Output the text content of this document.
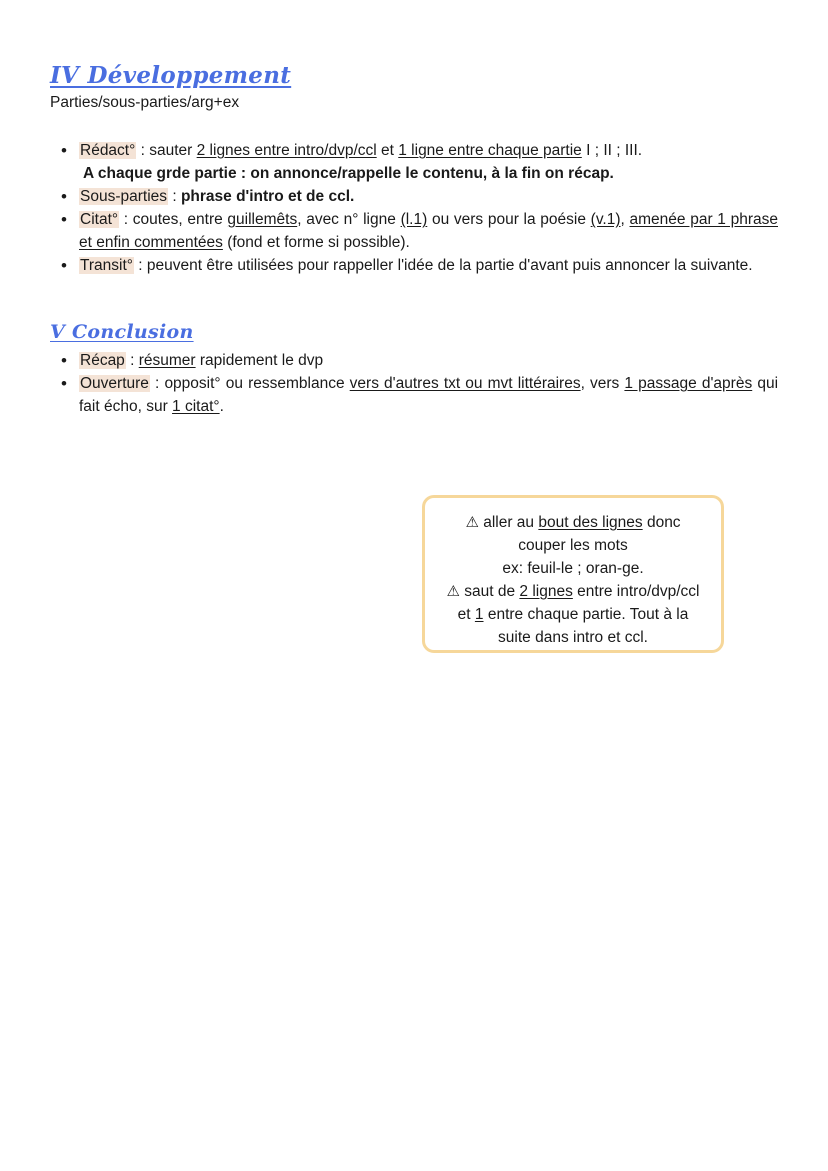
IV Développement
Parties/sous-parties/arg+ex
• Rédact° : sauter 2 lignes entre intro/dvp/ccl et 1 ligne entre chaque partie I ; II ; III.
A chaque grde partie : on annonce/rappelle le contenu, à la fin on récap.
• Sous-parties : phrase d'intro et de ccl.
• Citat° : coutes, entre guillemêts, avec n° ligne (l.1) ou vers pour la poésie (v.1), amenée par 1 phrase et enfin commentées (fond et forme si possible).
• Transit° : peuvent être utilisées pour rappeller l'idée de la partie d'avant puis annoncer la suivante.
V Conclusion
• Récap : résumer rapidement le dvp
• Ouverture : opposit° ou ressemblance vers d'autres txt ou mvt littéraires, vers 1 passage d'après qui fait écho, sur 1 citat°.
⚠ aller au bout des lignes donc
couper les mots
ex: feuil-le ; oran-ge.
⚠ saut de 2 lignes entre intro/dvp/ccl
et 1 entre chaque partie. Tout à la
suite dans intro et ccl.
